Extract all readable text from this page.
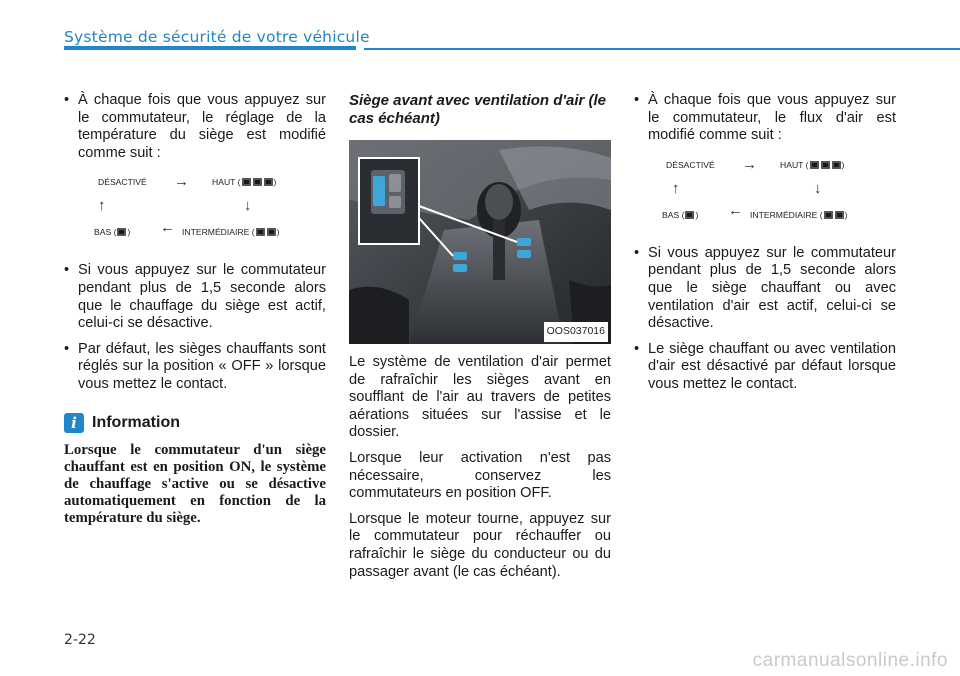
Système de sécurité de votre véhicule
• À chaque fois que vous appuyez sur le commutateur, le réglage de la température du siège est modifié comme suit :
DÉSACTIVÉ →	HAUT (	)
↑	↓
BAS ( ) ← INTERMÉDIAIRE (	)
• Si vous appuyez sur le commutateur pendant plus de 1,5 seconde alors que le chauffage du siège est actif, celui-ci se désactive.
• Par défaut, les sièges chauffants sont réglés sur la position « OFF » lorsque vous mettez le contact.
i Information
Lorsque le commutateur d'un siège chauffant est en position ON, le système de chauffage s'active ou se désactive automatiquement en fonction de la température du siège.
Siège avant avec ventilation d'air (le cas échéant)
OOS037016
Le système de ventilation d'air permet de rafraîchir les sièges avant en soufflant de l'air au travers de petites aérations situées sur l'assise et le dossier.
Lorsque leur activation n'est pas nécessaire, conservez les commutateurs en position OFF.
Lorsque le moteur tourne, appuyez sur le commutateur pour réchauffer ou rafraîchir le siège du conducteur ou du passager avant (le cas échéant).
• À chaque fois que vous appuyez sur le commutateur, le flux d'air est modifié comme suit :
DÉSACTIVÉ →	HAUT (	)
↑	↓
BAS ( ) ← INTERMÉDIAIRE (	)
• Si vous appuyez sur le commutateur pendant plus de 1,5 seconde alors que le siège chauffant ou avec ventilation d'air est actif, celui-ci se désactive.
• Le siège chauffant ou avec ventilation d'air est désactivé par défaut lorsque vous mettez le contact.
2-22
carmanualsonline.info
